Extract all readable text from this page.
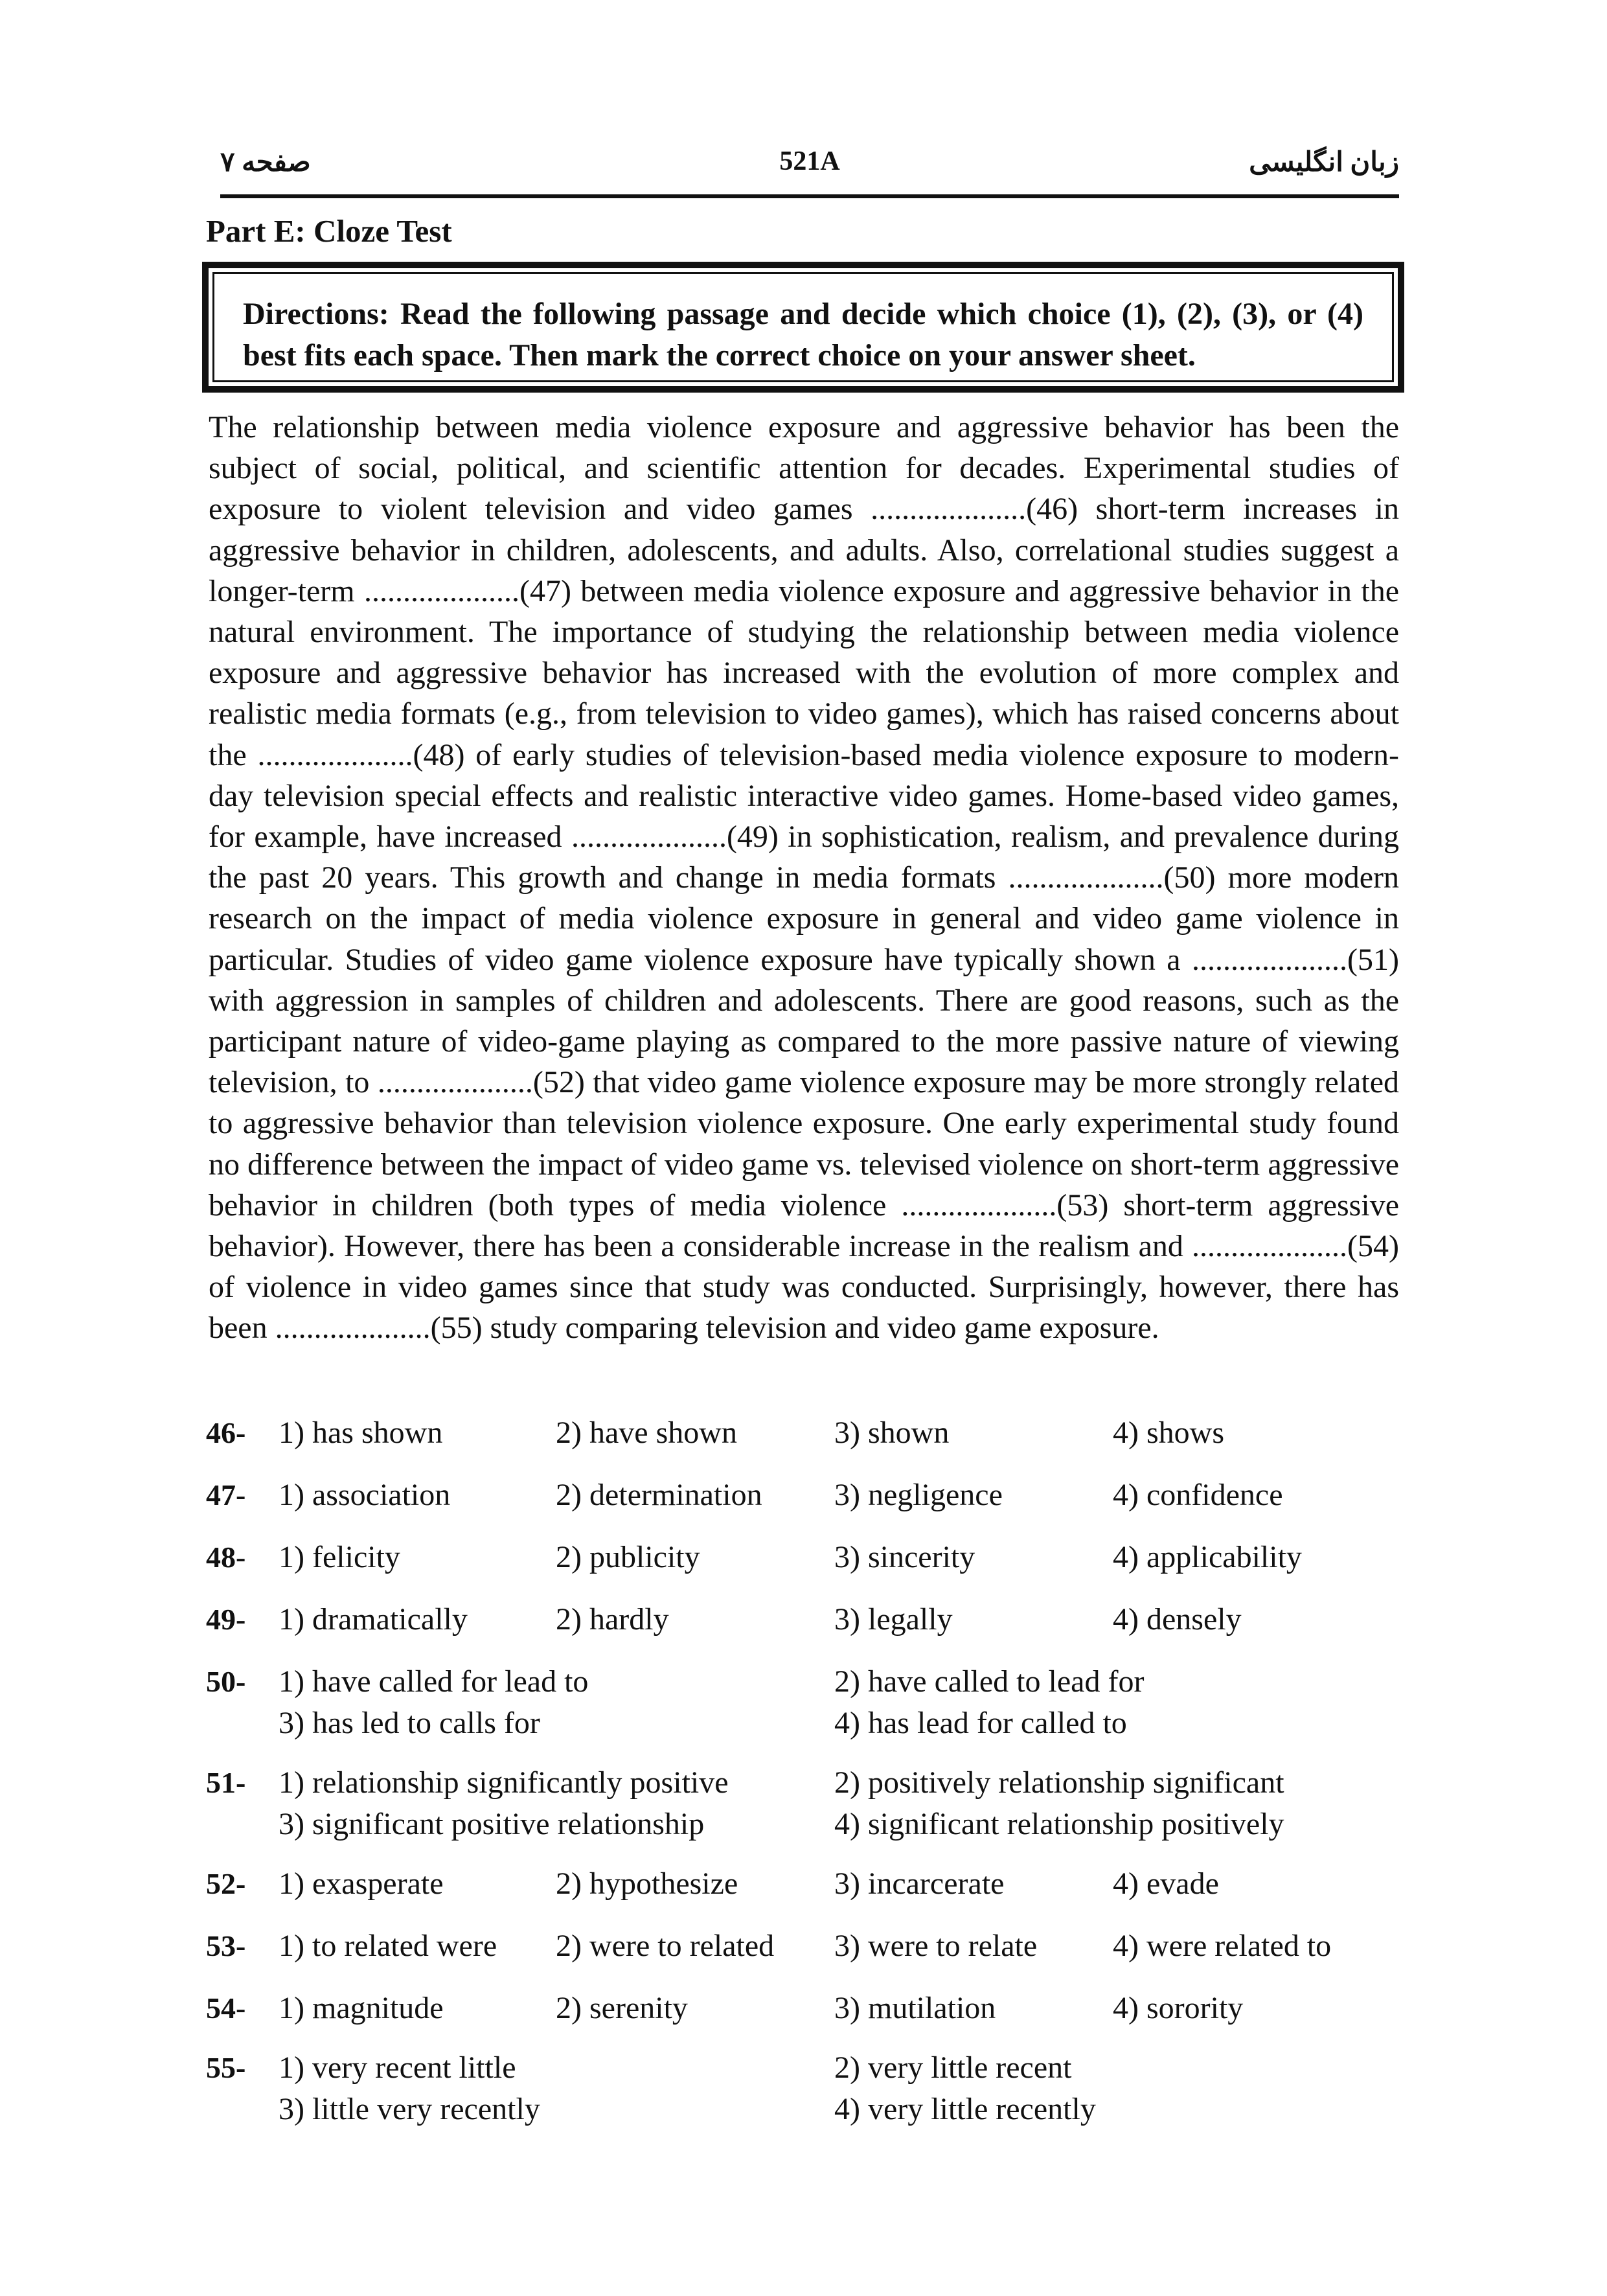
521A
صفحه ۷	زبان انگلیسی
Part E: Cloze Test
Directions: Read the following passage and decide which choice (1), (2), (3), or (4) best fits each space. Then mark the correct choice on your answer sheet.
The relationship between media violence exposure and aggressive behavior has been the subject of social, political, and scientific attention for decades. Experimental studies of exposure to violent television and video games ....................(46) short-term increases in aggressive behavior in children, adolescents, and adults. Also, correlational studies suggest a longer-term ....................(47) between media violence exposure and aggressive behavior in the natural environment. The importance of studying the relationship between media violence exposure and aggressive behavior has increased with the evolution of more complex and realistic media formats (e.g., from television to video games), which has raised concerns about the ....................(48) of early studies of television-based media violence exposure to modern-day television special effects and realistic interactive video games. Home-based video games, for example, have increased ....................(49) in sophistication, realism, and prevalence during the past 20 years. This growth and change in media formats ....................(50) more modern research on the impact of media violence exposure in general and video game violence in particular. Studies of video game violence exposure have typically shown a ....................(51) with aggression in samples of children and adolescents. There are good reasons, such as the participant nature of video-game playing as compared to the more passive nature of viewing television, to ....................(52) that video game violence exposure may be more strongly related to aggressive behavior than television violence exposure. One early experimental study found no difference between the impact of video game vs. televised violence on short-term aggressive behavior in children (both types of media violence ....................(53) short-term aggressive behavior). However, there has been a considerable increase in the realism and ....................(54) of violence in video games since that study was conducted. Surprisingly, however, there has been ....................(55) study comparing television and video game exposure.
46- 1) has shown	2) have shown	3) shown	4) shows
47- 1) association	2) determination 3) negligence	4) confidence
48- 1) felicity	2) publicity	3) sincerity	4) applicability
49- 1) dramatically	2) hardly	3) legally	4) densely
50- 1) have called for lead to	2) have called to lead for
3) has led to calls for	4) has lead for called to
51- 1) relationship significantly positive	2) positively relationship significant
3) significant positive relationship	4) significant relationship positively
52- 1) exasperate	2) hypothesize	3) incarcerate	4) evade
53- 1) to related were 2) were to related 3) were to relate 4) were related to
54- 1) magnitude	2) serenity	3) mutilation	4) sorority
55- 1) very recent little	2) very little recent
3) little very recently	4) very little recently
